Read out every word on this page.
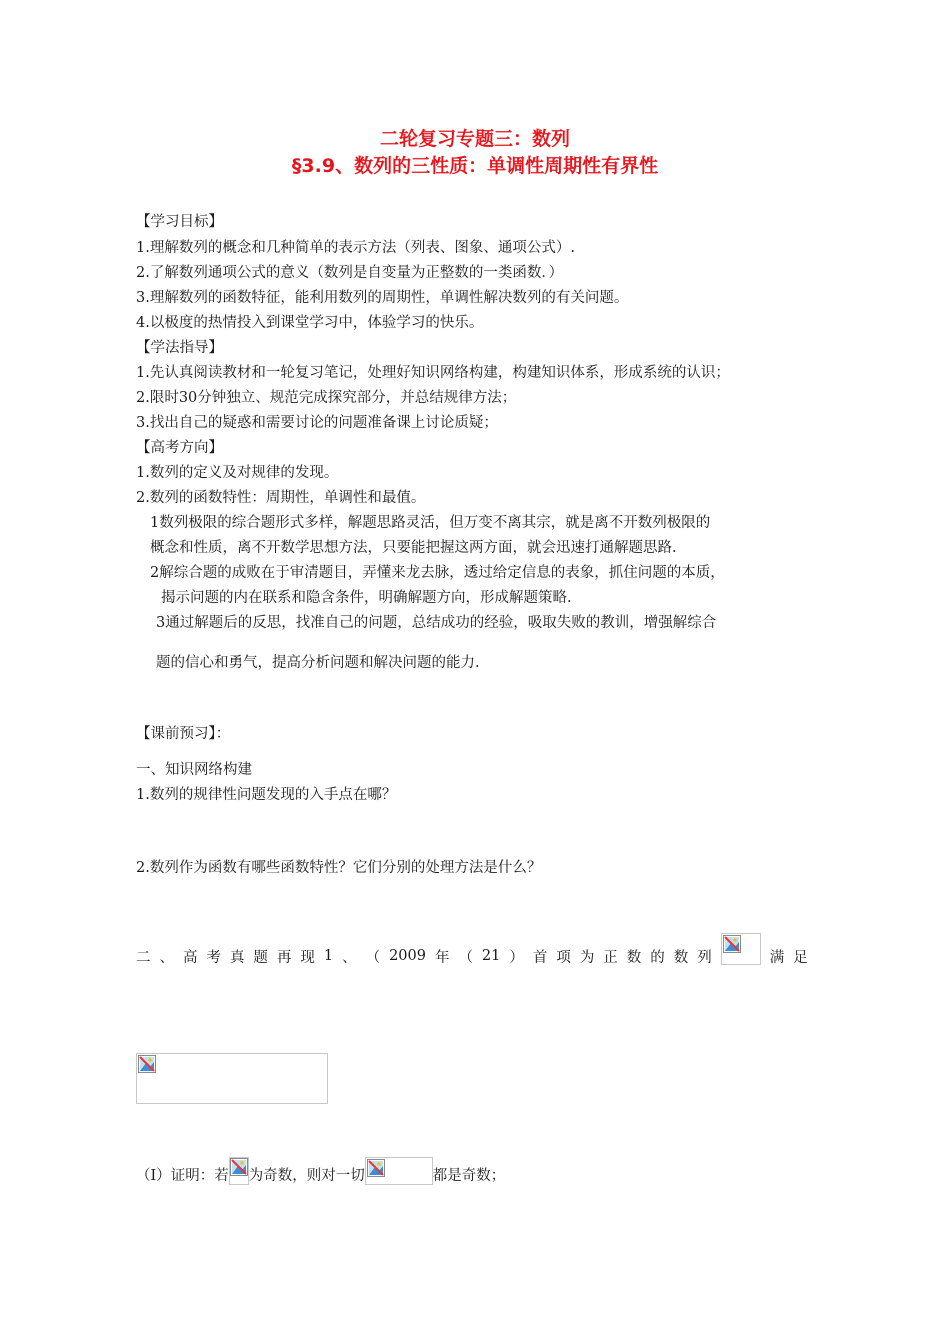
二轮复习专题三：数列
§3.9、数列的三性质：单调性周期性有界性
【学习目标】
1.理解数列的概念和几种简单的表示方法（列表、图象、通项公式）.
2.了解数列通项公式的意义（数列是自变量为正整数的一类函数．）
3.理解数列的函数特征，能利用数列的周期性，单调性解决数列的有关问题。
4.以极度的热情投入到课堂学习中，体验学习的快乐。
【学法指导】
1.先认真阅读教材和一轮复习笔记，处理好知识网络构建，构建知识体系，形成系统的认识；
2.限时30分钟独立、规范完成探究部分，并总结规律方法；
3.找出自己的疑惑和需要讨论的问题准备课上讨论质疑；
【高考方向】
1.数列的定义及对规律的发现。
2.数列的函数特性：周期性，单调性和最值。
1数列极限的综合题形式多样，解题思路灵活，但万变不离其宗，就是离不开数列极限的
概念和性质，离不开数学思想方法，只要能把握这两方面，就会迅速打通解题思路.
2解综合题的成败在于审清题目，弄懂来龙去脉，透过给定信息的表象，抓住问题的本质，
揭示问题的内在联系和隐含条件，明确解题方向，形成解题策略.
3通过解题后的反思，找准自己的问题，总结成功的经验，吸取失败的教训，增强解综合
题的信心和勇气，提高分析问题和解决问题的能力.
【课前预习】：
一、知识网络构建
1.数列的规律性问题发现的入手点在哪？
2.数列作为函数有哪些函数特性？它们分别的处理方法是什么？
二 、 高 考 真 题 再 现 1 、 （ 2009 年 （ 21 ） 首 项 为 正 数 的 数 列	满 足
（I）证明：若 为奇数，则对一切	都是奇数；
